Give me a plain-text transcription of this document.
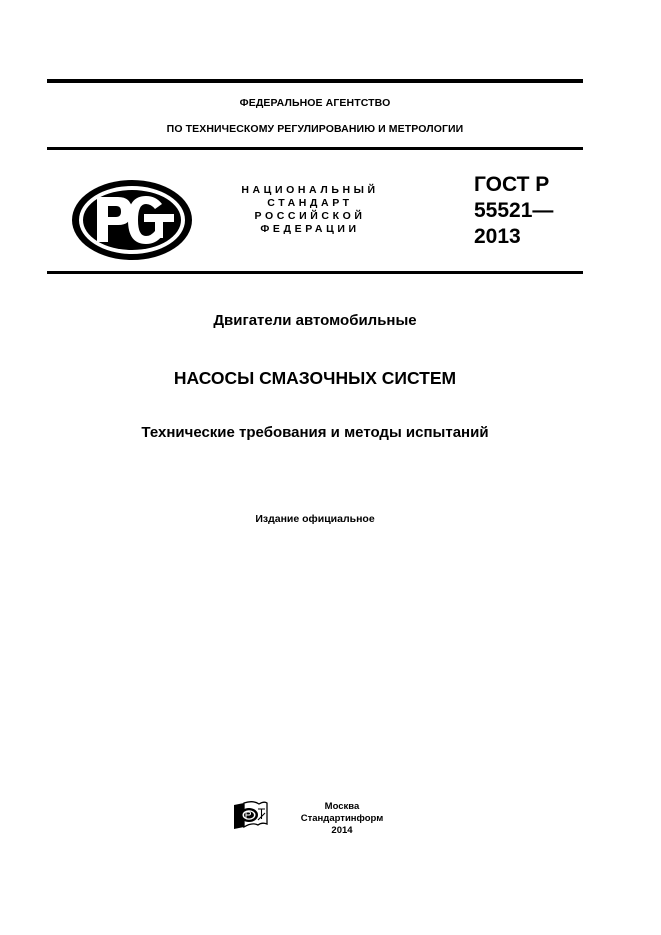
ФЕДЕРАЛЬНОЕ АГЕНТСТВО
ПО ТЕХНИЧЕСКОМУ РЕГУЛИРОВАНИЮ И МЕТРОЛОГИИ
НАЦИОНАЛЬНЫЙ
СТАНДАРТ
РОССИЙСКОЙ
ФЕДЕРАЦИИ
ГОСТ Р
55521—
2013
Двигатели автомобильные
НАСОСЫ СМАЗОЧНЫХ СИСТЕМ
Технические требования и методы испытаний
Издание официальное
Москва
Стандартинформ
2014
